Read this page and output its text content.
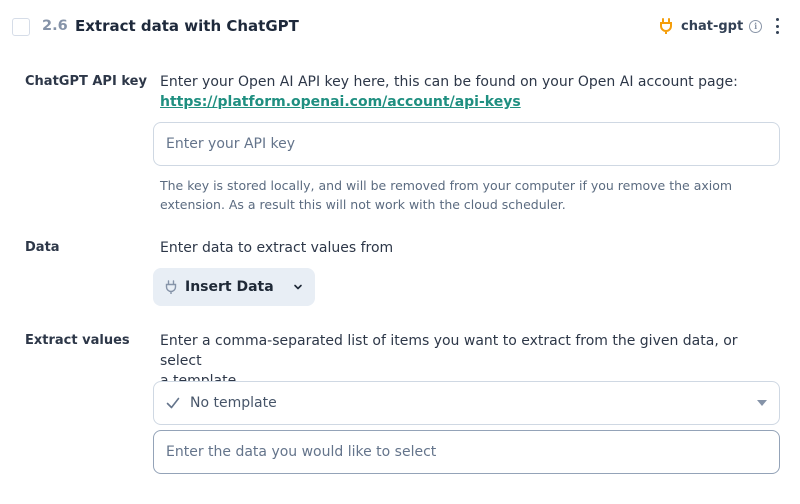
2.6 Extract data with ChatGPT	chat-gpt	i
ChatGPT API key Enter your Open AI API key here, this can be found on your Open AI account page:
https://platform.openai.com/account/api-keys
Enter your API key
The key is stored locally, and will be removed from your computer if you remove the axiom
extension. As a result this will not work with the cloud scheduler.
Data	Enter data to extract values from
Insert Data
Extract values Enter a comma-separated list of items you want to extract from the given data, or select
No template
Enter the data you would like to select
